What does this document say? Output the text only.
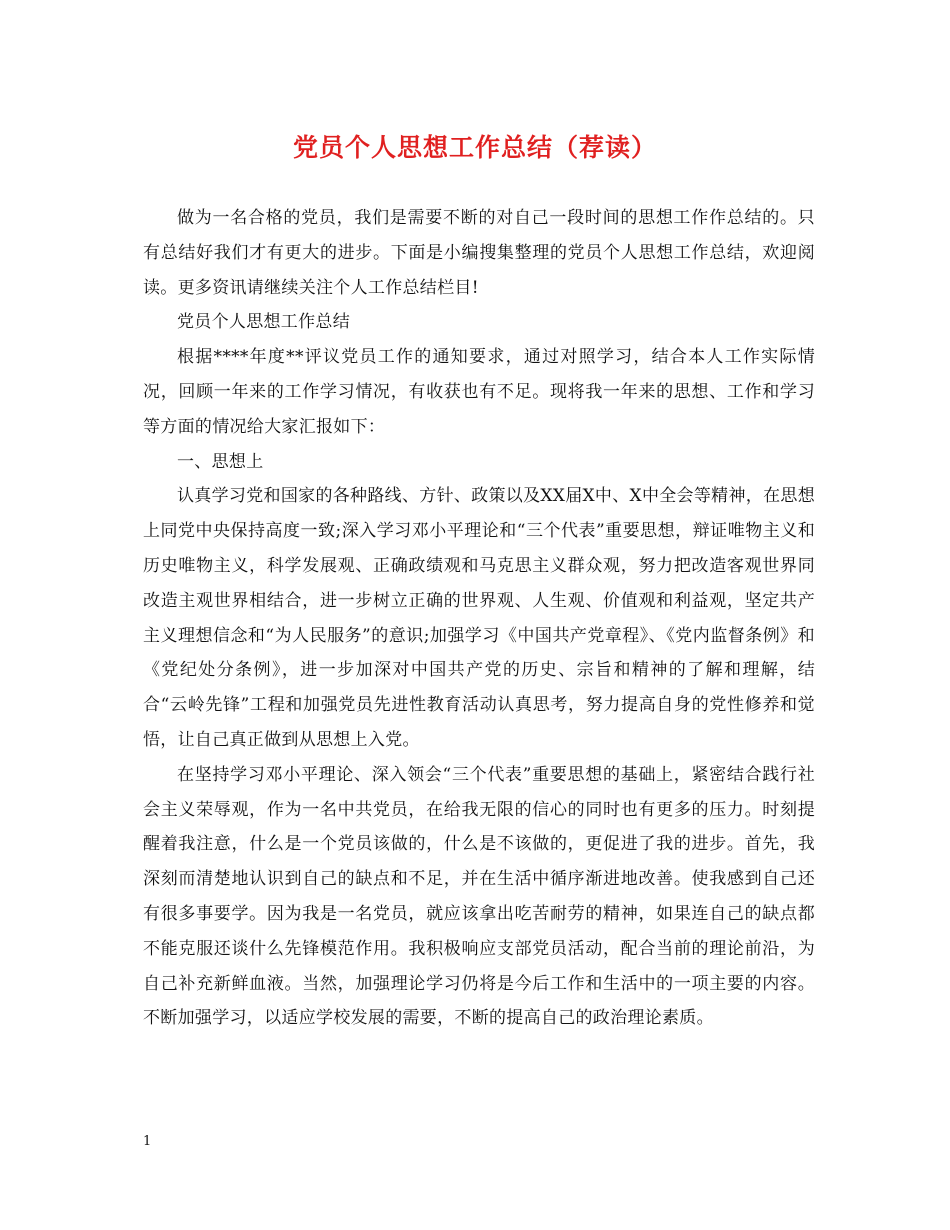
党员个人思想工作总结（荐读）

做为一名合格的党员，我们是需要不断的对自己一段时间的思想工作作总结的。只有总结好我们才有更大的进步。下面是小编搜集整理的党员个人思想工作总结，欢迎阅读。更多资讯请继续关注个人工作总结栏目!

党员个人思想工作总结

根据****年度**评议党员工作的通知要求，通过对照学习，结合本人工作实际情况，回顾一年来的工作学习情况，有收获也有不足。现将我一年来的思想、工作和学习等方面的情况给大家汇报如下：

一、思想上

认真学习党和国家的各种路线、方针、政策以及XX届X中、X中全会等精神，在思想上同党中央保持高度一致;深入学习邓小平理论和“三个代表”重要思想，辩证唯物主义和历史唯物主义，科学发展观、正确政绩观和马克思主义群众观，努力把改造客观世界同改造主观世界相结合，进一步树立正确的世界观、人生观、价值观和利益观，坚定共产主义理想信念和“为人民服务”的意识;加强学习《中国共产党章程》、《党内监督条例》和《党纪处分条例》，进一步加深对中国共产党的历史、宗旨和精神的了解和理解，结合“云岭先锋”工程和加强党员先进性教育活动认真思考，努力提高自身的党性修养和觉悟，让自己真正做到从思想上入党。

在坚持学习邓小平理论、深入领会“三个代表”重要思想的基础上，紧密结合践行社会主义荣辱观，作为一名中共党员，在给我无限的信心的同时也有更多的压力。时刻提醒着我注意，什么是一个党员该做的，什么是不该做的，更促进了我的进步。首先，我深刻而清楚地认识到自己的缺点和不足，并在生活中循序渐进地改善。使我感到自己还有很多事要学。因为我是一名党员，就应该拿出吃苦耐劳的精神，如果连自己的缺点都不能克服还谈什么先锋模范作用。我积极响应支部党员活动，配合当前的理论前沿，为自己补充新鲜血液。当然，加强理论学习仍将是今后工作和生活中的一项主要的内容。不断加强学习，以适应学校发展的需要，不断的提高自己的政治理论素质。

1
